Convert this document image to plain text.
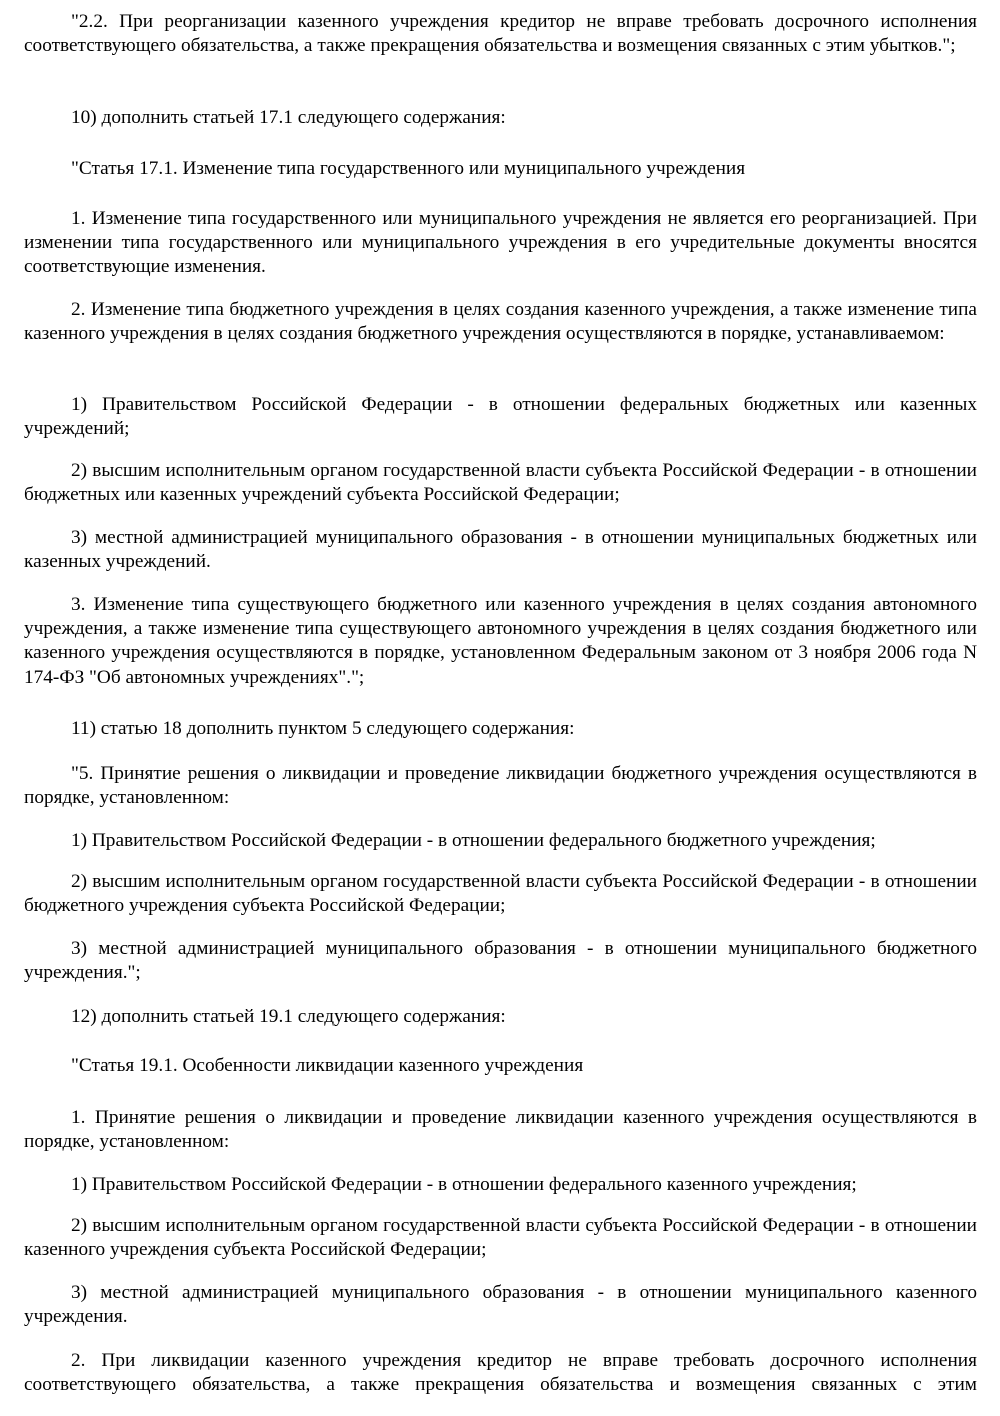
"2.2. При реорганизации казенного учреждения кредитор не вправе требовать досрочного исполнения соответствующего обязательства, а также прекращения обязательства и возмещения связанных с этим убытков.";

10) дополнить статьей 17.1 следующего содержания:

"Статья 17.1. Изменение типа государственного или муниципального учреждения

1. Изменение типа государственного или муниципального учреждения не является его реорганизацией. При изменении типа государственного или муниципального учреждения в его учредительные документы вносятся соответствующие изменения.

2. Изменение типа бюджетного учреждения в целях создания казенного учреждения, а также изменение типа казенного учреждения в целях создания бюджетного учреждения осуществляются в порядке, устанавливаемом:

1) Правительством Российской Федерации - в отношении федеральных бюджетных или казенных учреждений;

2) высшим исполнительным органом государственной власти субъекта Российской Федерации - в отношении бюджетных или казенных учреждений субъекта Российской Федерации;

3) местной администрацией муниципального образования - в отношении муниципальных бюджетных или казенных учреждений.

3. Изменение типа существующего бюджетного или казенного учреждения в целях создания автономного учреждения, а также изменение типа существующего автономного учреждения в целях создания бюджетного или казенного учреждения осуществляются в порядке, установленном Федеральным законом от 3 ноября 2006 года N 174-ФЗ "Об автономных учреждениях".";

11) статью 18 дополнить пунктом 5 следующего содержания:

"5. Принятие решения о ликвидации и проведение ликвидации бюджетного учреждения осуществляются в порядке, установленном:

1) Правительством Российской Федерации - в отношении федерального бюджетного учреждения;

2) высшим исполнительным органом государственной власти субъекта Российской Федерации - в отношении бюджетного учреждения субъекта Российской Федерации;

3) местной администрацией муниципального образования - в отношении муниципального бюджетного учреждения.";

12) дополнить статьей 19.1 следующего содержания:

"Статья 19.1. Особенности ликвидации казенного учреждения

1. Принятие решения о ликвидации и проведение ликвидации казенного учреждения осуществляются в порядке, установленном:

1) Правительством Российской Федерации - в отношении федерального казенного учреждения;

2) высшим исполнительным органом государственной власти субъекта Российской Федерации - в отношении казенного учреждения субъекта Российской Федерации;

3) местной администрацией муниципального образования - в отношении муниципального казенного учреждения.

2. При ликвидации казенного учреждения кредитор не вправе требовать досрочного исполнения соответствующего обязательства, а также прекращения обязательства и возмещения связанных с этим
